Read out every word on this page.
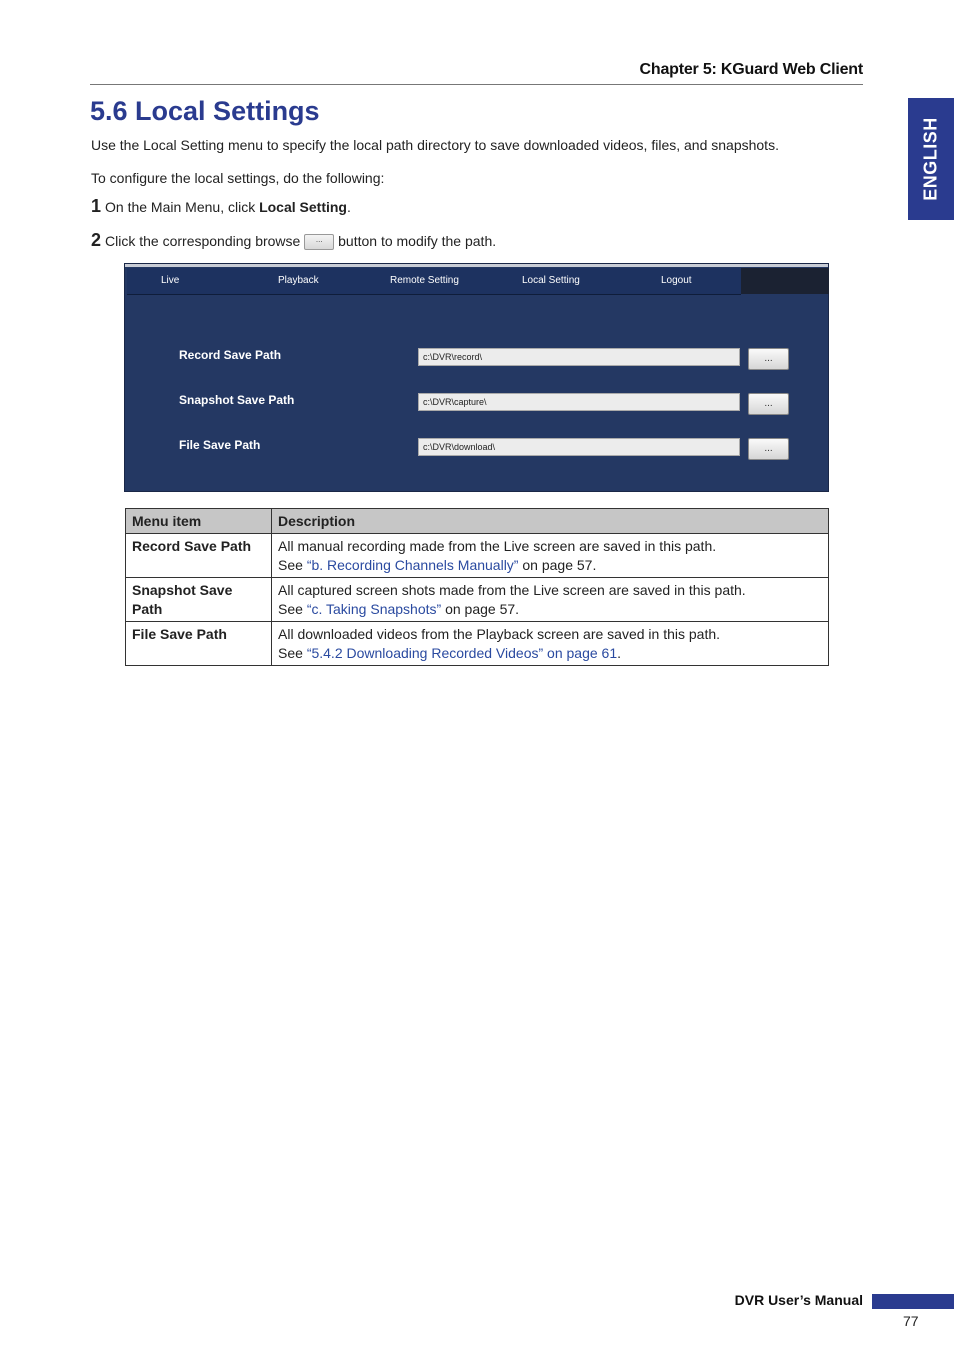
Chapter 5: KGuard Web Client
ENGLISH
5.6 Local Settings

Use the Local Setting menu to specify the local path directory to save downloaded videos, files, and snapshots.

To configure the local settings, do the following:

1 On the Main Menu, click Local Setting.
2 Click the corresponding browse ... button to modify the path.
Live	Playback	Remote Setting	Local Setting	Logout
Record Save Path
c:\DVR\record\	...
Snapshot Save Path
c:\DVR\capture\	...
File Save Path
c:\DVR\download\	...
Menu item	Description
Record Save Path	All manual recording made from the Live screen are saved in this path.
See “b. Recording Channels Manually” on page 57.
Snapshot Save Path	All captured screen shots made from the Live screen are saved in this path.
See “c. Taking Snapshots” on page 57.
File Save Path	All downloaded videos from the Playback screen are saved in this path.
See “5.4.2 Downloading Recorded Videos” on page 61.
DVR User’s Manual
77
